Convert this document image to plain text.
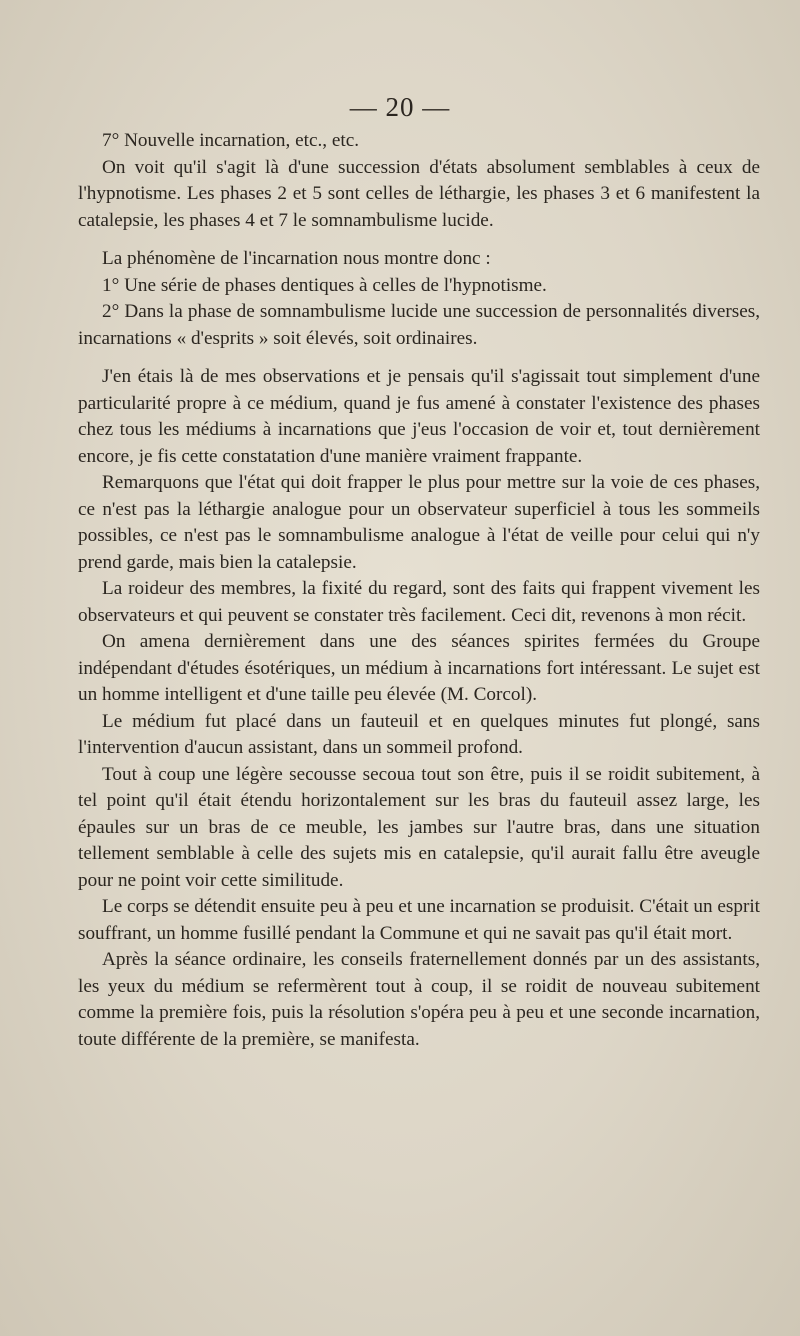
— 20 —

7° Nouvelle incarnation, etc., etc.

On voit qu'il s'agit là d'une succession d'états absolument semblables à ceux de l'hypnotisme. Les phases 2 et 5 sont celles de léthargie, les phases 3 et 6 manifestent la catalepsie, les phases 4 et 7 le somnambulisme lucide.

La phénomène de l'incarnation nous montre donc :

1° Une série de phases dentiques à celles de l'hypnotisme.

2° Dans la phase de somnambulisme lucide une succession de personnalités diverses, incarnations « d'esprits » soit élevés, soit ordinaires.

J'en étais là de mes observations et je pensais qu'il s'agissait tout simplement d'une particularité propre à ce médium, quand je fus amené à constater l'existence des phases chez tous les médiums à incarnations que j'eus l'occasion de voir et, tout dernièrement encore, je fis cette constatation d'une manière vraiment frappante.

Remarquons que l'état qui doit frapper le plus pour mettre sur la voie de ces phases, ce n'est pas la léthargie analogue pour un observateur superficiel à tous les sommeils possibles, ce n'est pas le somnambulisme analogue à l'état de veille pour celui qui n'y prend garde, mais bien la catalepsie.

La roideur des membres, la fixité du regard, sont des faits qui frappent vivement les observateurs et qui peuvent se constater très facilement. Ceci dit, revenons à mon récit.

On amena dernièrement dans une des séances spirites fermées du Groupe indépendant d'études ésotériques, un médium à incarnations fort intéressant. Le sujet est un homme intelligent et d'une taille peu élevée (M. Corcol).

Le médium fut placé dans un fauteuil et en quelques minutes fut plongé, sans l'intervention d'aucun assistant, dans un sommeil profond.

Tout à coup une légère secousse secoua tout son être, puis il se roidit subitement, à tel point qu'il était étendu horizontalement sur les bras du fauteuil assez large, les épaules sur un bras de ce meuble, les jambes sur l'autre bras, dans une situation tellement semblable à celle des sujets mis en catalepsie, qu'il aurait fallu être aveugle pour ne point voir cette similitude.

Le corps se détendit ensuite peu à peu et une incarnation se produisit. C'était un esprit souffrant, un homme fusillé pendant la Commune et qui ne savait pas qu'il était mort.

Après la séance ordinaire, les conseils fraternellement donnés par un des assistants, les yeux du médium se refermèrent tout à coup, il se roidit de nouveau subitement comme la première fois, puis la résolution s'opéra peu à peu et une seconde incarnation, toute différente de la première, se manifesta.
